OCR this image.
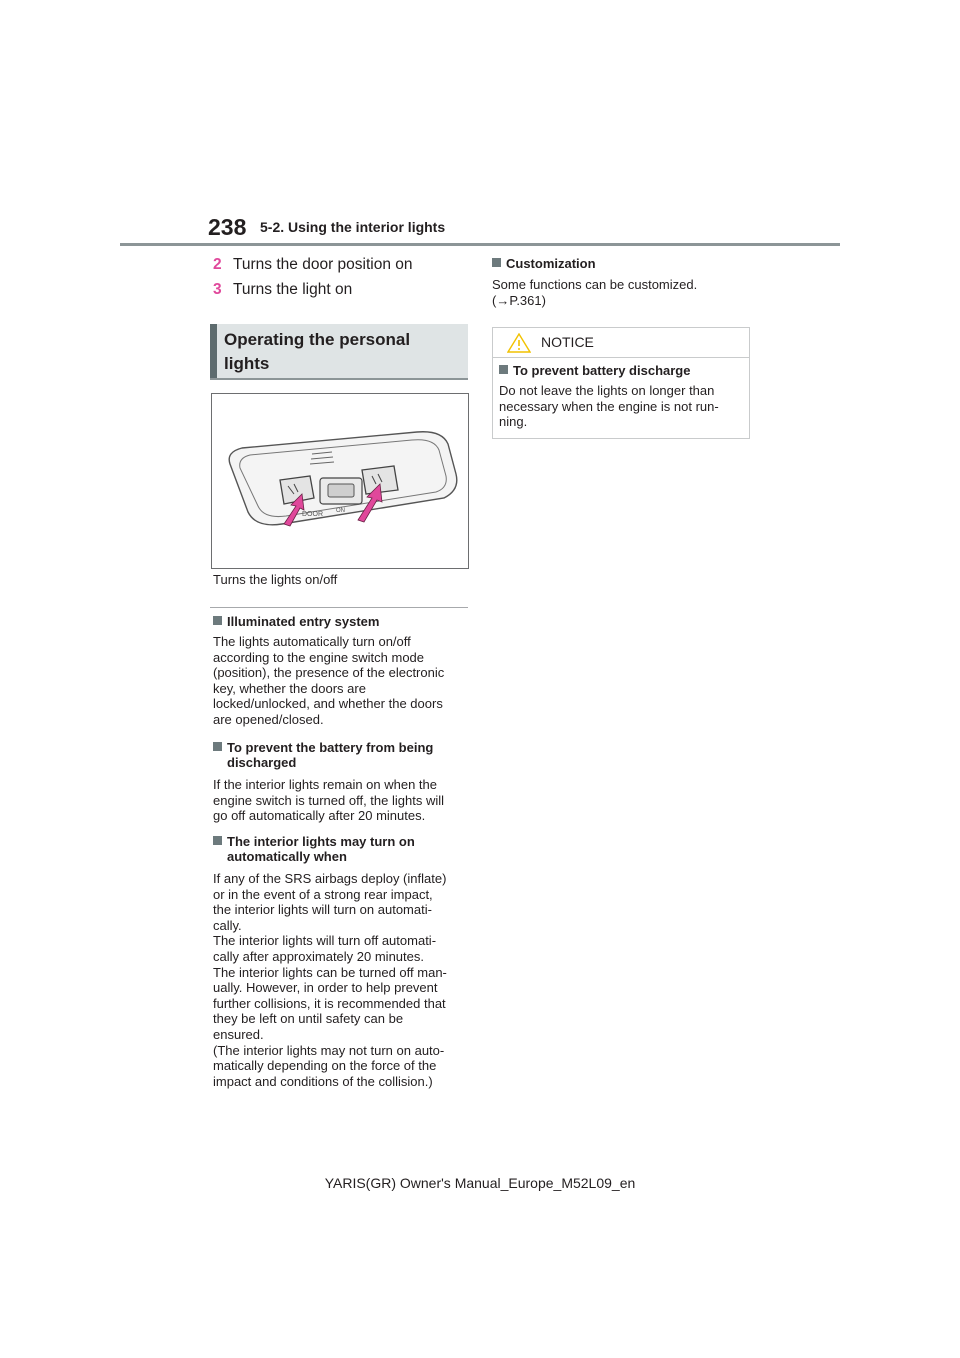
238 5-2. Using the interior lights
2 Turns the door position on
3 Turns the light on
Operating the personal
lights
DOOR ON
Turns the lights on/off
Illuminated entry system
The lights automatically turn on/off
according to the engine switch mode
(position), the presence of the electronic
key, whether the doors are
locked/unlocked, and whether the doors
are opened/closed.
To prevent the battery from being discharged
If the interior lights remain on when the
engine switch is turned off, the lights will
go off automatically after 20 minutes.
The interior lights may turn on automatically when
If any of the SRS airbags deploy (inflate)
or in the event of a strong rear impact,
the interior lights will turn on automati-
cally.
The interior lights will turn off automati-
cally after approximately 20 minutes.
The interior lights can be turned off man-
ually. However, in order to help prevent
further collisions, it is recommended that
they be left on until safety can be
ensured.
(The interior lights may not turn on auto-
matically depending on the force of the
impact and conditions of the collision.)
Customization
Some functions can be customized.
(→P.361)
NOTICE
To prevent battery discharge
Do not leave the lights on longer than
necessary when the engine is not run-
ning.
YARIS(GR) Owner's Manual_Europe_M52L09_en
